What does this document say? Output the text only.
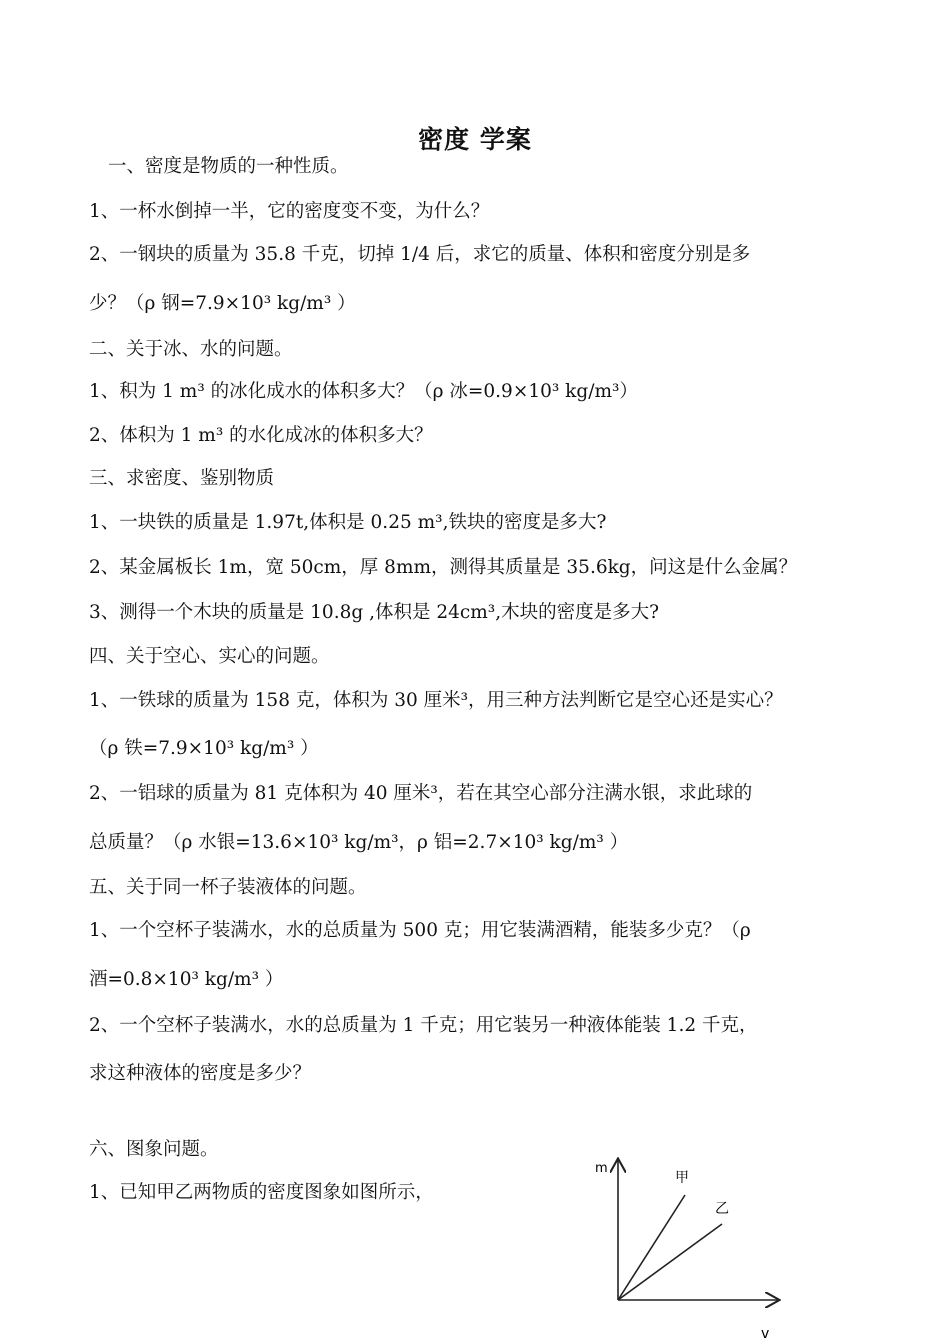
密度 学案
一、密度是物质的一种性质。
1、一杯水倒掉一半，它的密度变不变，为什么？
2、一钢块的质量为 35.8 千克，切掉 1/4 后，求它的质量、体积和密度分别是多
少？（ρ 钢=7.9×10³ kg/m³ ）
二、关于冰、水的问题。
1、积为 1 m³ 的冰化成水的体积多大？（ρ 冰=0.9×10³ kg/m³）
2、体积为 1 m³ 的水化成冰的体积多大？
三、求密度、鉴别物质
1、一块铁的质量是 1.97t,体积是 0.25 m³,铁块的密度是多大?
2、某金属板长 1m，宽 50cm，厚 8mm，测得其质量是 35.6kg，问这是什么金属？
3、测得一个木块的质量是 10.8g ,体积是 24cm³,木块的密度是多大?
四、关于空心、实心的问题。
1、一铁球的质量为 158 克，体积为 30 厘米³，用三种方法判断它是空心还是实心？
（ρ 铁=7.9×10³ kg/m³ ）
2、一铝球的质量为 81 克体积为 40 厘米³，若在其空心部分注满水银，求此球的
总质量？（ρ 水银=13.6×10³ kg/m³，ρ 铝=2.7×10³ kg/m³ ）
五、关于同一杯子装液体的问题。
1、一个空杯子装满水，水的总质量为 500 克；用它装满酒精，能装多少克？（ρ
酒=0.8×10³ kg/m³ ）
2、一个空杯子装满水，水的总质量为 1 千克；用它装另一种液体能装 1.2 千克，
求这种液体的密度是多少？
六、图象问题。
1、已知甲乙两物质的密度图象如图所示，
m
v
甲
乙
